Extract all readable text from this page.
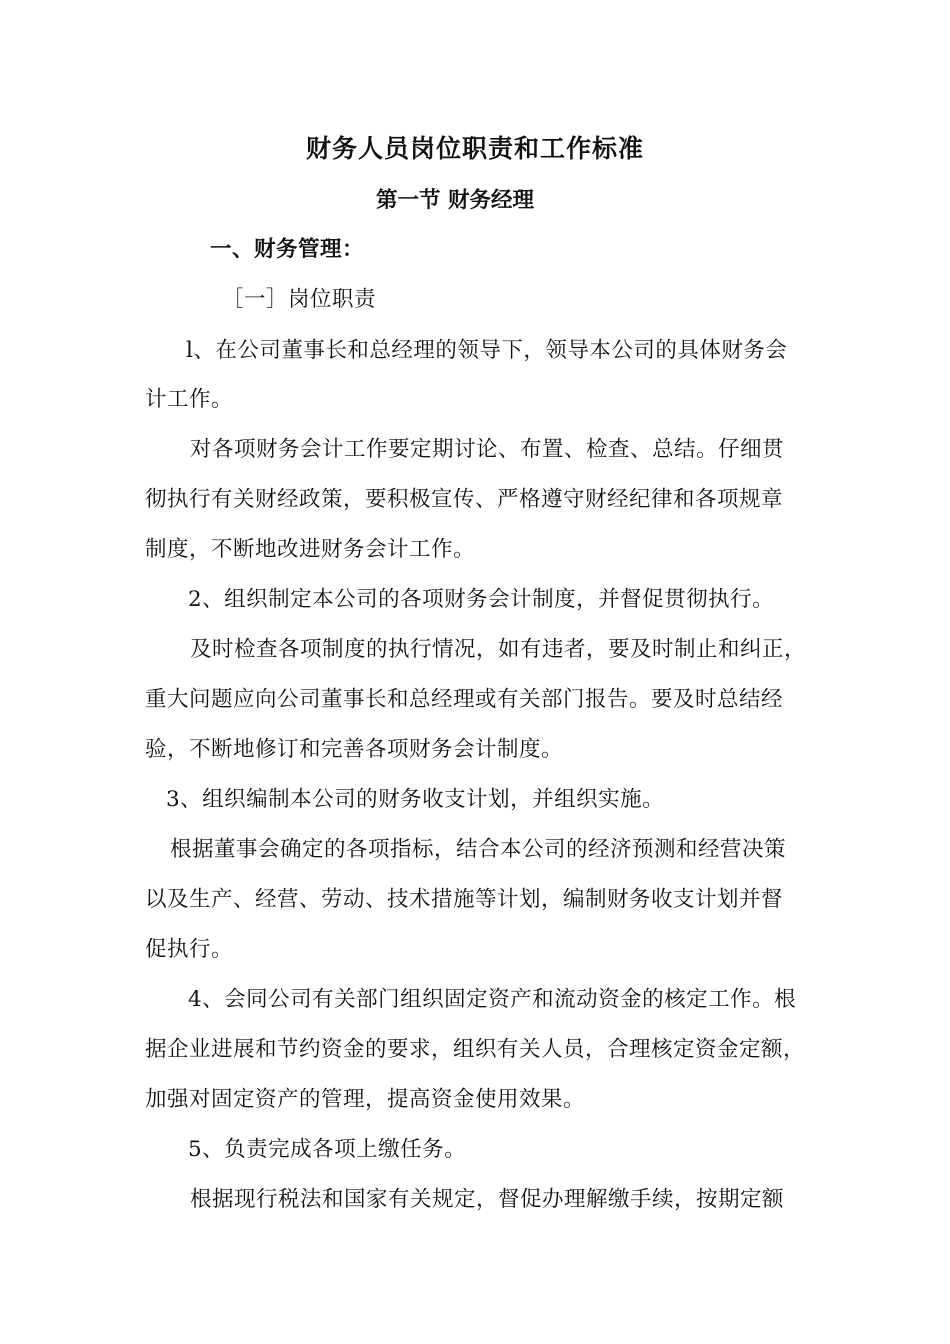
财务人员岗位职责和工作标准
第一节 财务经理
一、财务管理：
［一］岗位职责
l、在公司董事长和总经理的领导下，领导本公司的具体财务会
计工作。
对各项财务会计工作要定期讨论、布置、检查、总结。仔细贯
彻执行有关财经政策，要积极宣传、严格遵守财经纪律和各项规章
制度，不断地改进财务会计工作。
2、组织制定本公司的各项财务会计制度，并督促贯彻执行。
及时检查各项制度的执行情况，如有违者，要及时制止和纠正，
重大问题应向公司董事长和总经理或有关部门报告。要及时总结经
验，不断地修订和完善各项财务会计制度。
3、组织编制本公司的财务收支计划，并组织实施。
根据董事会确定的各项指标，结合本公司的经济预测和经营决策
以及生产、经营、劳动、技术措施等计划，编制财务收支计划并督
促执行。
4、会同公司有关部门组织固定资产和流动资金的核定工作。根
据企业进展和节约资金的要求，组织有关人员，合理核定资金定额，
加强对固定资产的管理，提高资金使用效果。
5、负责完成各项上缴任务。
根据现行税法和国家有关规定，督促办理解缴手续，按期定额
